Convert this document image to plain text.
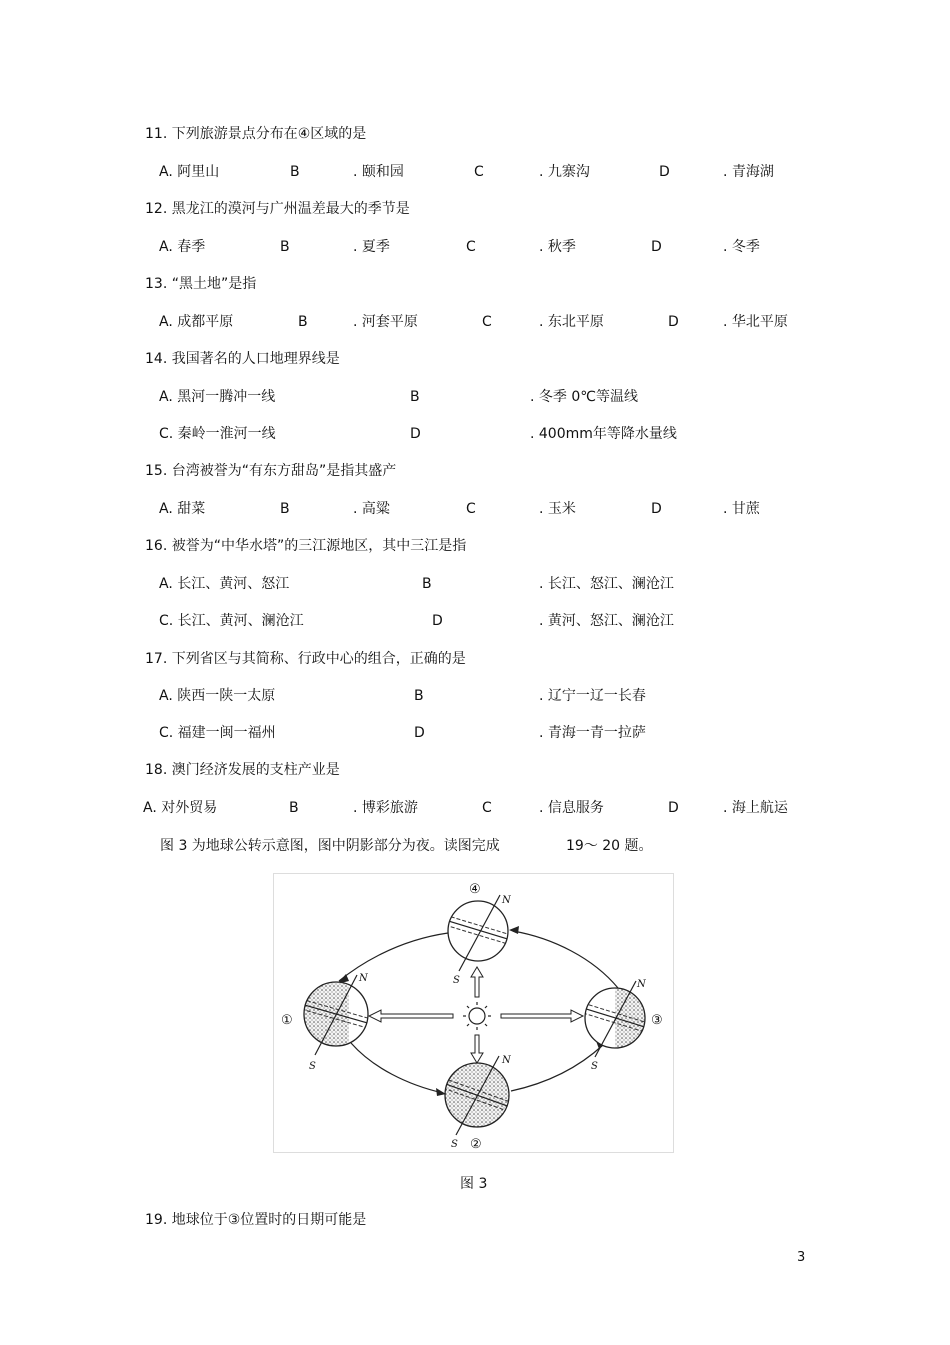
11. 下列旅游景点分布在④区域的是
A. 阿里山	B	. 颐和园	C	. 九寨沟	D	. 青海湖
12. 黑龙江的漠河与广州温差最大的季节是
A. 春季	B	. 夏季	C	. 秋季	D	. 冬季
13. “黑土地”是指
A. 成都平原	B	. 河套平原	C	. 东北平原	D	. 华北平原
14. 我国著名的人口地理界线是
A. 黑河一腾冲一线	B	. 冬季 0℃等温线
C. 秦岭一淮河一线	D	. 400mm年等降水量线
15. 台湾被誉为“有东方甜岛”是指其盛产
A. 甜菜	B	. 高粱	C	. 玉米	D	. 甘蔗
16. 被誉为“中华水塔”的三江源地区，其中三江是指
A. 长江、黄河、怒江	B	. 长江、怒江、澜沧江
C. 长江、黄河、澜沧江	D	. 黄河、怒江、澜沧江
17. 下列省区与其简称、行政中心的组合，正确的是
A. 陕西一陕一太原	B	. 辽宁一辽一长春
C. 福建一闽一福州	D	. 青海一青一拉萨
18. 澳门经济发展的支柱产业是
A. 对外贸易	B	. 博彩旅游	C	. 信息服务	D	. 海上航运
图 3 为地球公转示意图，图中阴影部分为夜。读图完成	19～ 20 题。
①
②
③
④
N
S
N
S
N
S
N
S
图 3
19. 地球位于③位置时的日期可能是
3
